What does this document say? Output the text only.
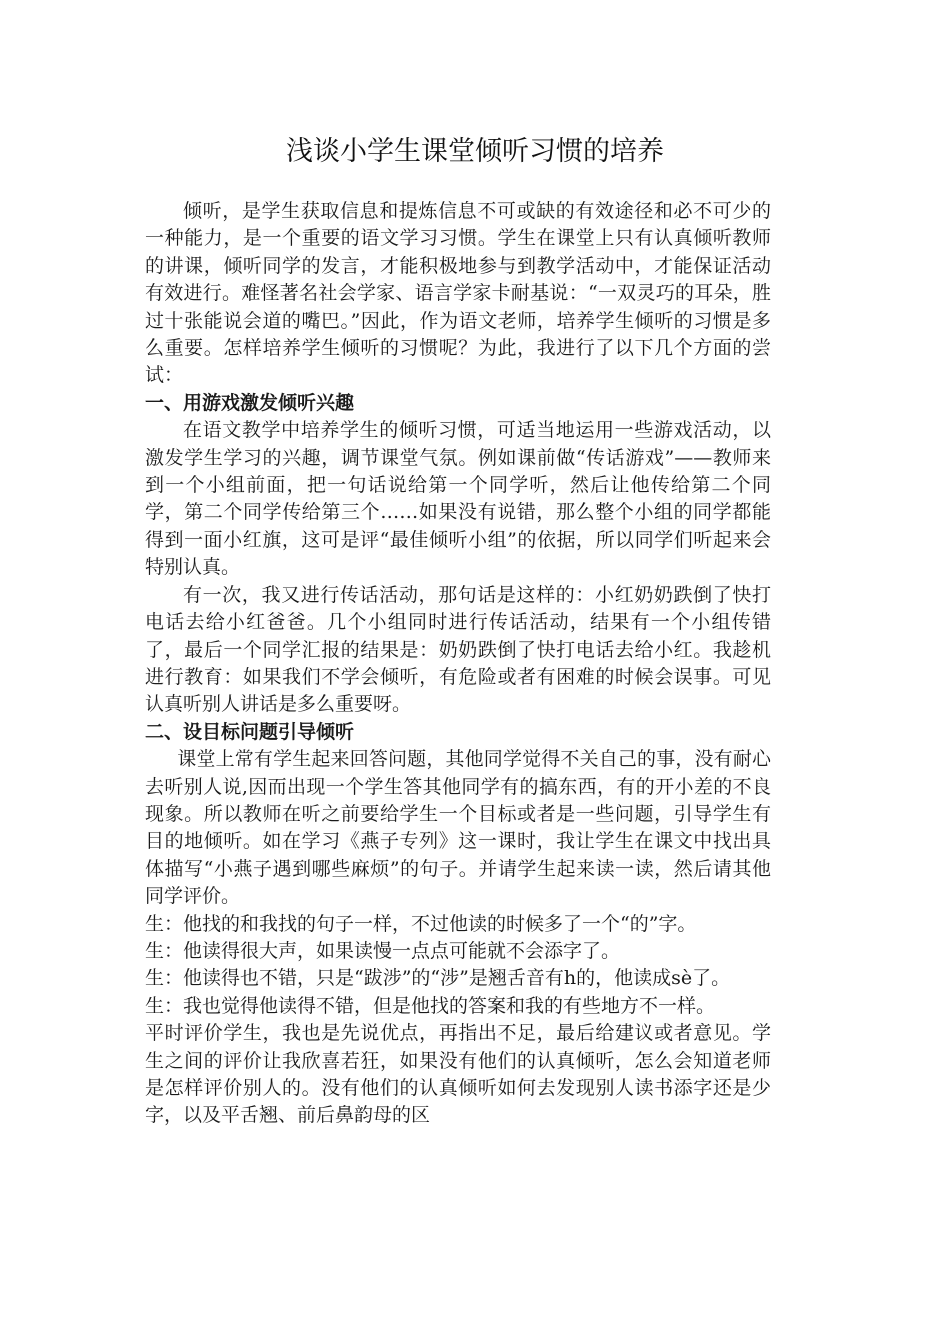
浅谈小学生课堂倾听习惯的培养

倾听，是学生获取信息和提炼信息不可或缺的有效途径和必不可少的一种能力，是一个重要的语文学习习惯。学生在课堂上只有认真倾听教师的讲课，倾听同学的发言，才能积极地参与到教学活动中，才能保证活动有效进行。难怪著名社会学家、语言学家卡耐基说：“一双灵巧的耳朵，胜过十张能说会道的嘴巴。”因此，作为语文老师，培养学生倾听的习惯是多么重要。怎样培养学生倾听的习惯呢？为此，我进行了以下几个方面的尝试：

一、用游戏激发倾听兴趣

在语文教学中培养学生的倾听习惯，可适当地运用一些游戏活动，以激发学生学习的兴趣，调节课堂气氛。例如课前做“传话游戏”——教师来到一个小组前面，把一句话说给第一个同学听，然后让他传给第二个同学，第二个同学传给第三个……如果没有说错，那么整个小组的同学都能得到一面小红旗，这可是评“最佳倾听小组”的依据，所以同学们听起来会特别认真。

有一次，我又进行传话活动，那句话是这样的：小红奶奶跌倒了快打电话去给小红爸爸。几个小组同时进行传话活动，结果有一个小组传错了，最后一个同学汇报的结果是：奶奶跌倒了快打电话去给小红。我趁机进行教育：如果我们不学会倾听，有危险或者有困难的时候会误事。可见认真听别人讲话是多么重要呀。

二、设目标问题引导倾听

课堂上常有学生起来回答问题，其他同学觉得不关自己的事，没有耐心去听别人说,因而出现一个学生答其他同学有的搞东西，有的开小差的不良现象。所以教师在听之前要给学生一个目标或者是一些问题，引导学生有目的地倾听。如在学习《燕子专列》这一课时，我让学生在课文中找出具体描写“小燕子遇到哪些麻烦”的句子。并请学生起来读一读，然后请其他同学评价。

生：他找的和我找的句子一样，不过他读的时候多了一个“的”字。

生：他读得很大声，如果读慢一点点可能就不会添字了。

生：他读得也不错，只是“跋涉”的“涉”是翘舌音有h的，他读成sè了。

生：我也觉得他读得不错，但是他找的答案和我的有些地方不一样。

平时评价学生，我也是先说优点，再指出不足，最后给建议或者意见。学生之间的评价让我欣喜若狂，如果没有他们的认真倾听，怎么会知道老师是怎样评价别人的。没有他们的认真倾听如何去发现别人读书添字还是少字，以及平舌翘、前后鼻韵母的区
